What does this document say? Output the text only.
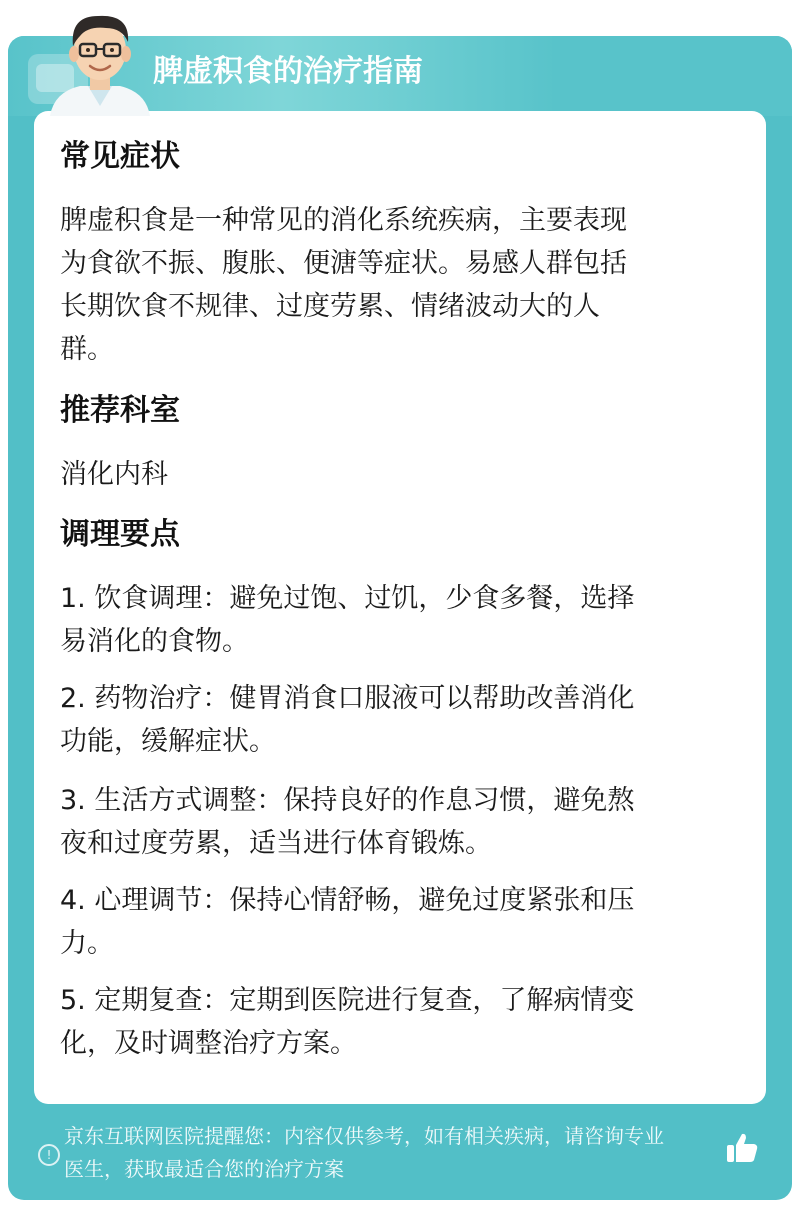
脾虚积食的治疗指南
常见症状
脾虚积食是一种常见的消化系统疾病，主要表现
为食欲不振、腹胀、便溏等症状。易感人群包括
长期饮食不规律、过度劳累、情绪波动大的人
群。
推荐科室
消化内科
调理要点
1. 饮食调理：避免过饱、过饥，少食多餐，选择
易消化的食物。
2. 药物治疗：健胃消食口服液可以帮助改善消化
功能，缓解症状。
3. 生活方式调整：保持良好的作息习惯，避免熬
夜和过度劳累，适当进行体育锻炼。
4. 心理调节：保持心情舒畅，避免过度紧张和压
力。
5. 定期复查：定期到医院进行复查，了解病情变
化，及时调整治疗方案。
!
京东互联网医院提醒您：内容仅供参考，如有相关疾病，请咨询专业
医生，获取最适合您的治疗方案
